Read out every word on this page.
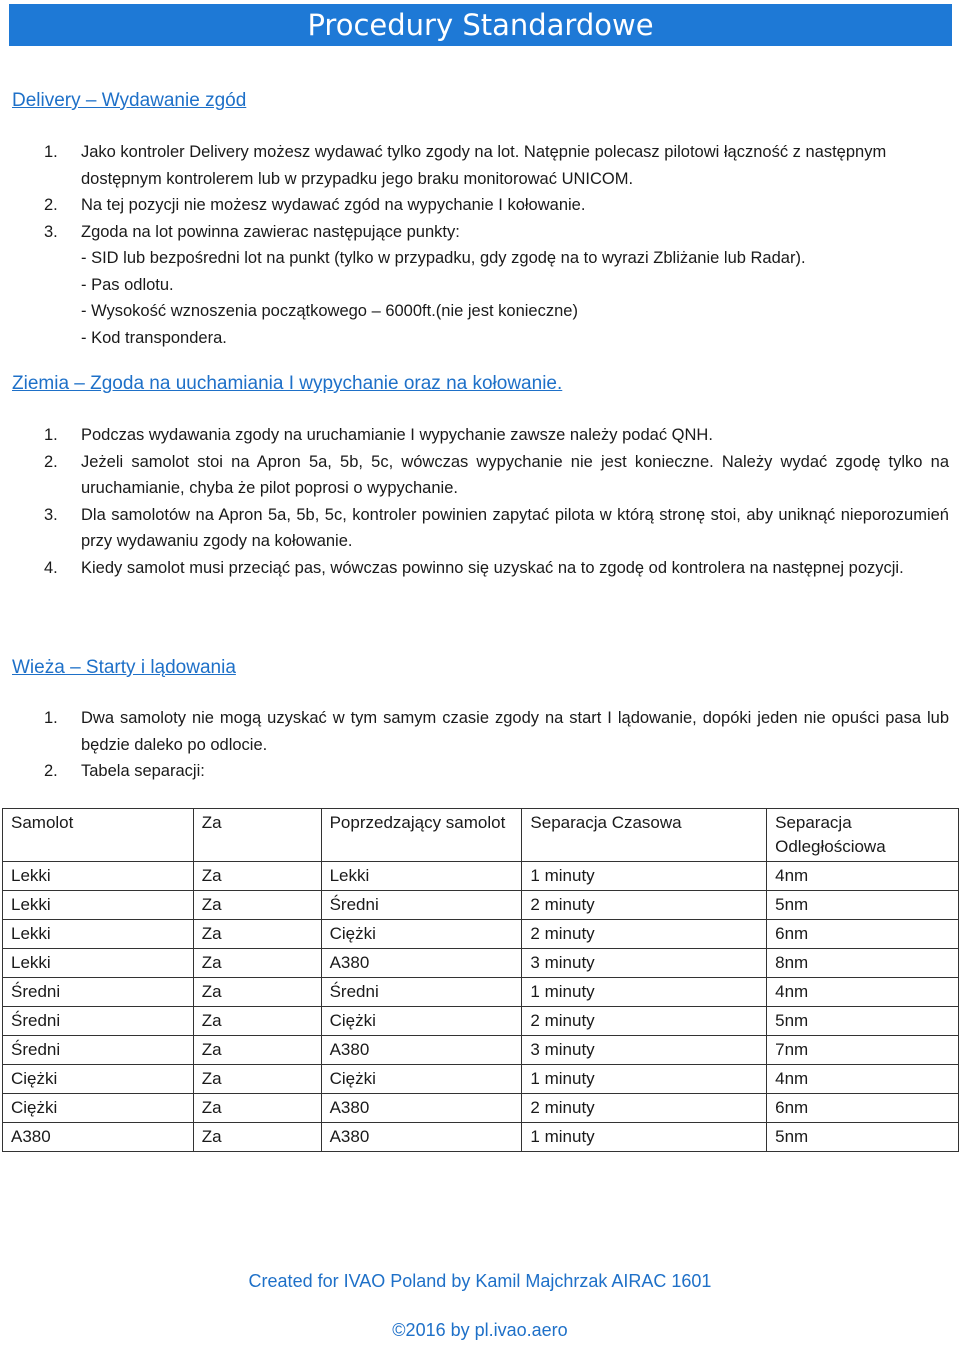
Procedury Standardowe
Delivery – Wydawanie zgód
1. Jako kontroler Delivery możesz wydawać tylko zgody na lot. Natępnie polecasz pilotowi łączność z następnym dostępnym kontrolerem lub w przypadku jego braku monitorować UNICOM.
2. Na tej pozycji nie możesz wydawać zgód na wypychanie I kołowanie.
3. Zgoda na lot powinna zawierac następujące punkty:
- SID lub bezpośredni lot na punkt (tylko w przypadku, gdy zgodę na to wyrazi Zbliżanie lub Radar).
- Pas odlotu.
- Wysokość wznoszenia początkowego – 6000ft.(nie jest konieczne)
- Kod transpondera.
Ziemia – Zgoda na uuchamiania I wypychanie oraz na kołowanie.
1. Podczas wydawania zgody na uruchamianie I wypychanie zawsze należy podać QNH.
2. Jeżeli samolot stoi na Apron 5a, 5b, 5c, wówczas wypychanie nie jest konieczne. Należy wydać zgodę tylko na uruchamianie, chyba że pilot poprosi o wypychanie.
3. Dla samolotów na Apron 5a, 5b, 5c, kontroler powinien zapytać pilota w którą stronę stoi, aby uniknąć nieporozumień przy wydawaniu zgody na kołowanie.
4. Kiedy samolot musi przeciąć pas, wówczas powinno się uzyskać na to zgodę od kontrolera na następnej pozycji.
Wieża – Starty i lądowania
1. Dwa samoloty nie mogą uzyskać w tym samym czasie zgody na start I lądowanie, dopóki jeden nie opuści pasa lub będzie daleko po odlocie.
2. Tabela separacji:
Samolot	Za	Poprzedzający samolot	Separacja Czasowa	Separacja Odległościowa
Lekki	Za	Lekki	1 minuty	4nm
Lekki	Za	Średni	2 minuty	5nm
Lekki	Za	Ciężki	2 minuty	6nm
Lekki	Za	A380	3 minuty	8nm
Średni	Za	Średni	1 minuty	4nm
Średni	Za	Ciężki	2 minuty	5nm
Średni	Za	A380	3 minuty	7nm
Ciężki	Za	Ciężki	1 minuty	4nm
Ciężki	Za	A380	2 minuty	6nm
A380	Za	A380	1 minuty	5nm
Created for IVAO Poland by Kamil Majchrzak AIRAC 1601
©2016 by pl.ivao.aero
